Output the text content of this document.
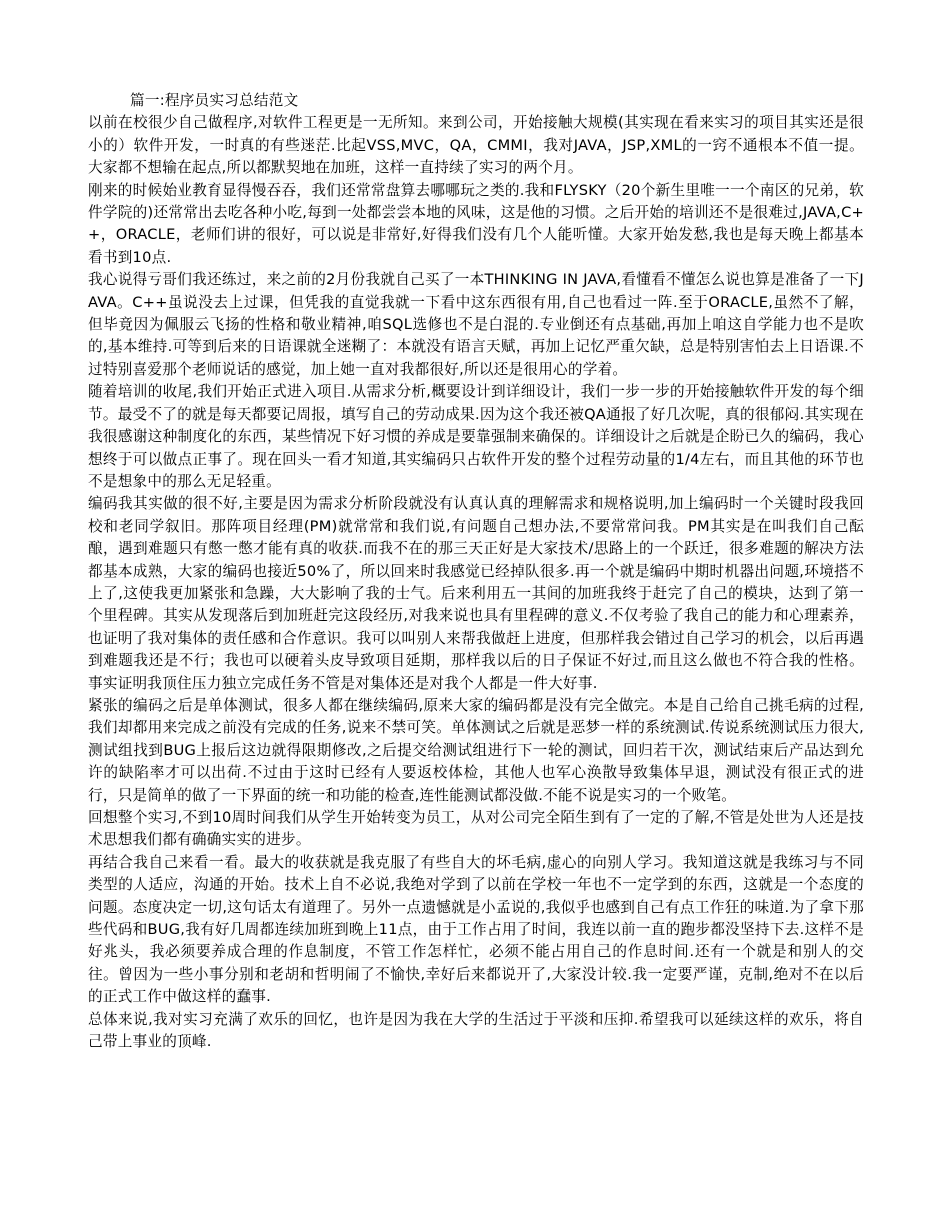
篇一:程序员实习总结范文

以前在校很少自己做程序,对软件工程更是一无所知。来到公司，开始接触大规模(其实现在看来实习的项目其实还是很小的）软件开发，一时真的有些迷茫.比起VSS,MVC，QA，CMMI，我对JAVA，JSP,XML的一窍不通根本不值一提。大家都不想输在起点,所以都默契地在加班，这样一直持续了实习的两个月。

刚来的时候始业教育显得慢吞吞，我们还常常盘算去哪哪玩之类的.我和FLYSKY（20个新生里唯一一个南区的兄弟，软件学院的)还常常出去吃各种小吃,每到一处都尝尝本地的风味，这是他的习惯。之后开始的培训还不是很难过,JAVA,C++，ORACLE，老师们讲的很好，可以说是非常好,好得我们没有几个人能听懂。大家开始发愁,我也是每天晚上都基本看书到10点.

我心说得亏哥们我还练过，来之前的2月份我就自己买了一本THINKING IN JAVA,看懂看不懂怎么说也算是准备了一下JAVA。C++虽说没去上过课，但凭我的直觉我就一下看中这东西很有用,自己也看过一阵.至于ORACLE,虽然不了解，但毕竟因为佩服云飞扬的性格和敬业精神,咱SQL选修也不是白混的.专业倒还有点基础,再加上咱这自学能力也不是吹的,基本维持.可等到后来的日语课就全迷糊了：本就没有语言天赋，再加上记忆严重欠缺，总是特别害怕去上日语课.不过特别喜爱那个老师说话的感觉，加上她一直对我都很好,所以还是很用心的学着。

随着培训的收尾,我们开始正式进入项目.从需求分析,概要设计到详细设计，我们一步一步的开始接触软件开发的每个细节。最受不了的就是每天都要记周报，填写自己的劳动成果.因为这个我还被QA通报了好几次呢，真的很郁闷.其实现在我很感谢这种制度化的东西，某些情况下好习惯的养成是要靠强制来确保的。详细设计之后就是企盼已久的编码，我心想终于可以做点正事了。现在回头一看才知道,其实编码只占软件开发的整个过程劳动量的1/4左右，而且其他的环节也不是想象中的那么无足轻重。

编码我其实做的很不好,主要是因为需求分析阶段就没有认真认真的理解需求和规格说明,加上编码时一个关键时段我回校和老同学叙旧。那阵项目经理(PM)就常常和我们说,有问题自己想办法,不要常常问我。PM其实是在叫我们自己酝酿，遇到难题只有憋一憋才能有真的收获.而我不在的那三天正好是大家技术/思路上的一个跃迁，很多难题的解决方法都基本成熟，大家的编码也接近50%了，所以回来时我感觉已经掉队很多.再一个就是编码中期时机器出问题,环境搭不上了,这使我更加紧张和急躁，大大影响了我的士气。后来利用五一其间的加班我终于赶完了自己的模块，达到了第一个里程碑。其实从发现落后到加班赶完这段经历,对我来说也具有里程碑的意义.不仅考验了我自己的能力和心理素养，也证明了我对集体的责任感和合作意识。我可以叫别人来帮我做赶上进度，但那样我会错过自己学习的机会，以后再遇到难题我还是不行；我也可以硬着头皮导致项目延期，那样我以后的日子保证不好过,而且这么做也不符合我的性格。事实证明我顶住压力独立完成任务不管是对集体还是对我个人都是一件大好事.

紧张的编码之后是单体测试，很多人都在继续编码,原来大家的编码都是没有完全做完。本是自己给自己挑毛病的过程,我们却都用来完成之前没有完成的任务,说来不禁可笑。单体测试之后就是恶梦一样的系统测试.传说系统测试压力很大,测试组找到BUG上报后这边就得限期修改,之后提交给测试组进行下一轮的测试，回归若干次，测试结束后产品达到允许的缺陷率才可以出荷.不过由于这时已经有人要返校体检，其他人也军心涣散导致集体早退，测试没有很正式的进行，只是简单的做了一下界面的统一和功能的检查,连性能测试都没做.不能不说是实习的一个败笔。

回想整个实习,不到10周时间我们从学生开始转变为员工，从对公司完全陌生到有了一定的了解,不管是处世为人还是技术思想我们都有确确实实的进步。

再结合我自己来看一看。最大的收获就是我克服了有些自大的坏毛病,虚心的向别人学习。我知道这就是我练习与不同类型的人适应，沟通的开始。技术上自不必说,我绝对学到了以前在学校一年也不一定学到的东西，这就是一个态度的问题。态度决定一切,这句话太有道理了。另外一点遗憾就是小孟说的,我似乎也感到自己有点工作狂的味道.为了拿下那些代码和BUG,我有好几周都连续加班到晚上11点，由于工作占用了时间，我连以前一直的跑步都没坚持下去.这样不是好兆头，我必须要养成合理的作息制度，不管工作怎样忙，必须不能占用自己的作息时间.还有一个就是和别人的交往。曾因为一些小事分别和老胡和哲明闹了不愉快,幸好后来都说开了,大家没计较.我一定要严谨，克制,绝对不在以后的正式工作中做这样的蠢事.

总体来说,我对实习充满了欢乐的回忆，也许是因为我在大学的生活过于平淡和压抑.希望我可以延续这样的欢乐，将自己带上事业的顶峰.
